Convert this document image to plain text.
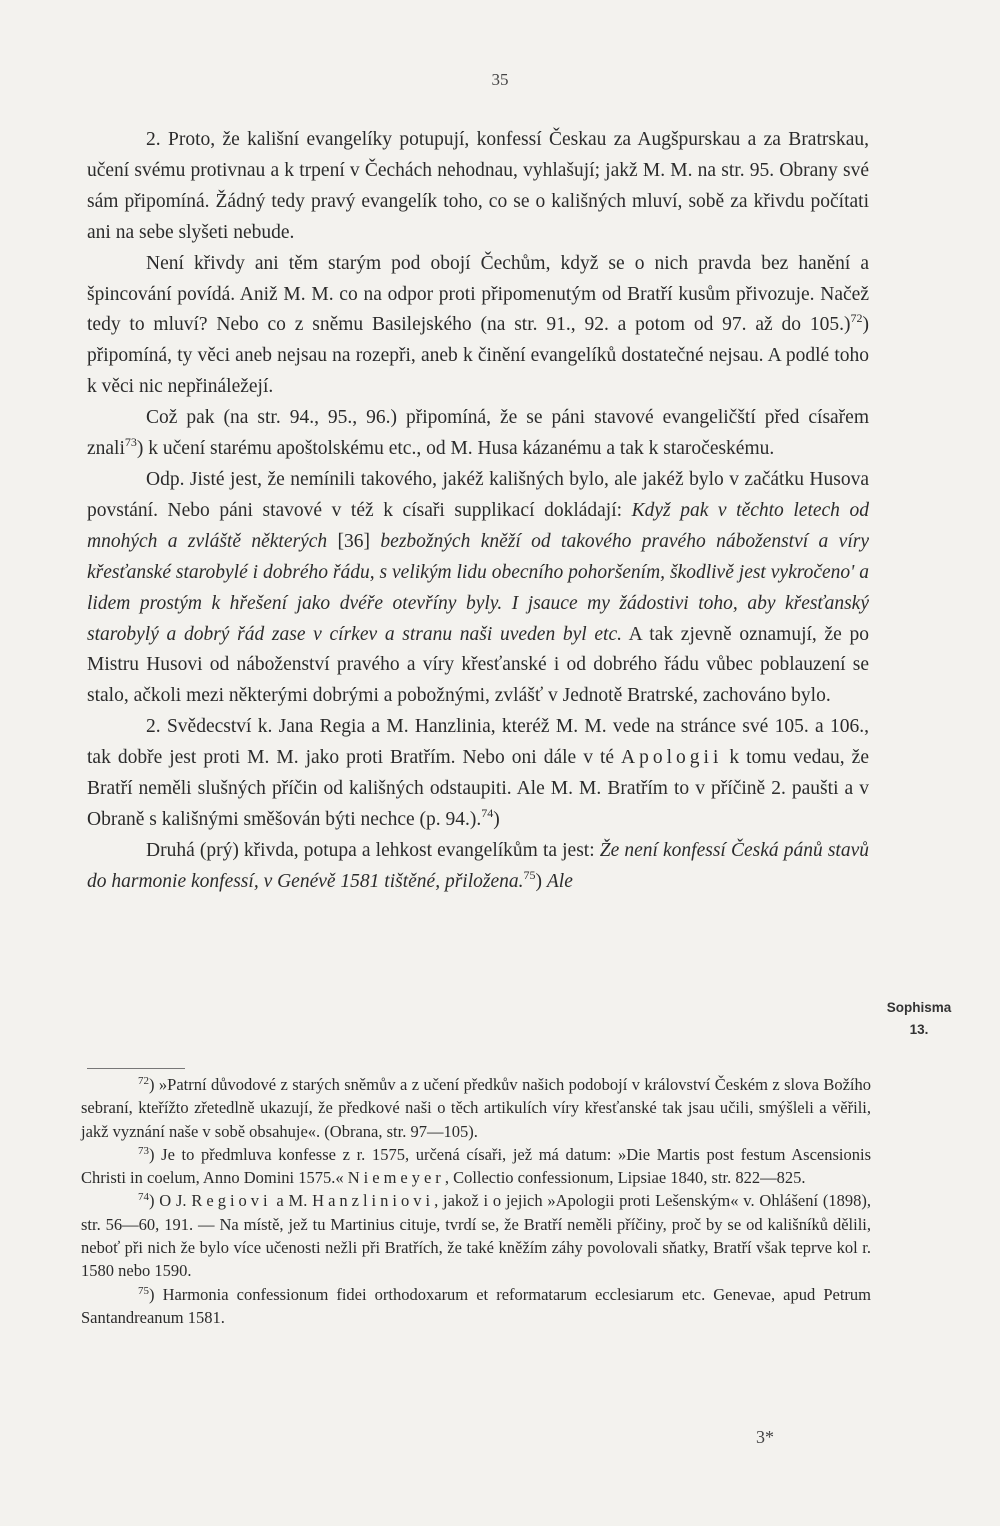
35

2. Proto, že kališní evangelíky potupují, konfessí Českau za Augšpurskau a za Bratrskau, učení svému protivnau a k trpení v Čechách nehodnau, vyhlašují; jakž M. M. na str. 95. Obrany své sám připomíná. Žádný tedy pravý evangelík toho, co se o kališných mluví, sobě za křivdu počítati ani na sebe slyšeti nebude.

Není křivdy ani těm starým pod obojí Čechům, když se o nich pravda bez hanění a špincování povídá. Aniž M. M. co na odpor proti připomenutým od Bratří kusům přivozuje. Načež tedy to mluví? Nebo co z sněmu Basilejského (na str. 91., 92. a potom od 97. až do 105.)$^{72}$) připomíná, ty věci aneb nejsau na rozepři, aneb k činění evangelíků dostatečné nejsau. A podlé toho k věci nic nepřináležejí.

Což pak (na str. 94., 95., 96.) připomíná, že se páni stavové evangeličští před císařem znali$^{73}$) k učení starému apoštolskému etc., od M. Husa kázanému a tak k staročeskému.

Odp. Jisté jest, že nemínili takového, jakéž kališných bylo, ale jakéž bylo v začátku Husova povstání. Nebo páni stavové v též k císaři supplikací dokládají: Když pak v těchto letech od mnohých a zvláště některých [36] bezbožných kněží od takového pravého náboženství a víry křesťanské starobylé i dobrého řádu, s velikým lidu obecního pohoršením, škodlivě jest vykročeno' a lidem prostým k hřešení jako dvéře otevříny byly. I jsauce my žádostivi toho, aby křesťanský starobylý a dobrý řád zase v církev a stranu naši uveden byl etc. A tak zjevně oznamují, že po Mistru Husovi od náboženství pravého a víry křesťanské i od dobrého řádu vůbec poblauzení se stalo, ačkoli mezi některými dobrými a pobožnými, zvlášť v Jednotě Bratrské, zachováno bylo.

2. Svědecství k. Jana Regia a M. Hanzlinia, kteréž M. M. vede na stránce své 105. a 106., tak dobře jest proti M. M. jako proti Bratřím. Nebo oni dále v té Apologii k tomu vedau, že Bratří neměli slušných příčin od kališných odstaupiti. Ale M. M. Bratřím to v příčině 2. paušti a v Obraně s kališnými směšován býti nechce (p. 94.).$^{74}$)

Druhá (prý) křivda, potupa a lehkost evangelíkům ta jest: Že není konfessí Česká pánů stavů do harmonie konfessí, v Genévě 1581 tištěné, přiložena.$^{75}$) Ale

Sophisma
13.

$^{72}$) »Patrní důvodové z starých sněmův a z učení předkův našich podobojí v království Českém z slova Božího sebraní, kteřížto zřetedlně ukazují, že předkové naši o těch artikulích víry křesťanské tak jsau učili, smýšleli a věřili, jakž vyznání naše v sobě obsahuje«. (Obrana, str. 97—105).

$^{73}$) Je to předmluva konfesse z r. 1575, určená císaři, jež má datum: »Die Martis post festum Ascensionis Christi in coelum, Anno Domini 1575.« Niemeyer, Collectio confessionum, Lipsiae 1840, str. 822—825.

$^{74}$) O J. Regiovi a M. Hanzliniovi, jakož i o jejich »Apologii proti Lešenským« v. Ohlášení (1898), str. 56—60, 191. — Na místě, jež tu Martinius cituje, tvrdí se, že Bratří neměli příčiny, proč by se od kališníků dělili, neboť při nich že bylo více učenosti nežli při Bratřích, že také kněžím záhy povolovali sňatky, Bratří však teprve kol r. 1580 nebo 1590.

$^{75}$) Harmonia confessionum fidei orthodoxarum et reformatarum ecclesiarum etc. Genevae, apud Petrum Santandreanum 1581.

3*
